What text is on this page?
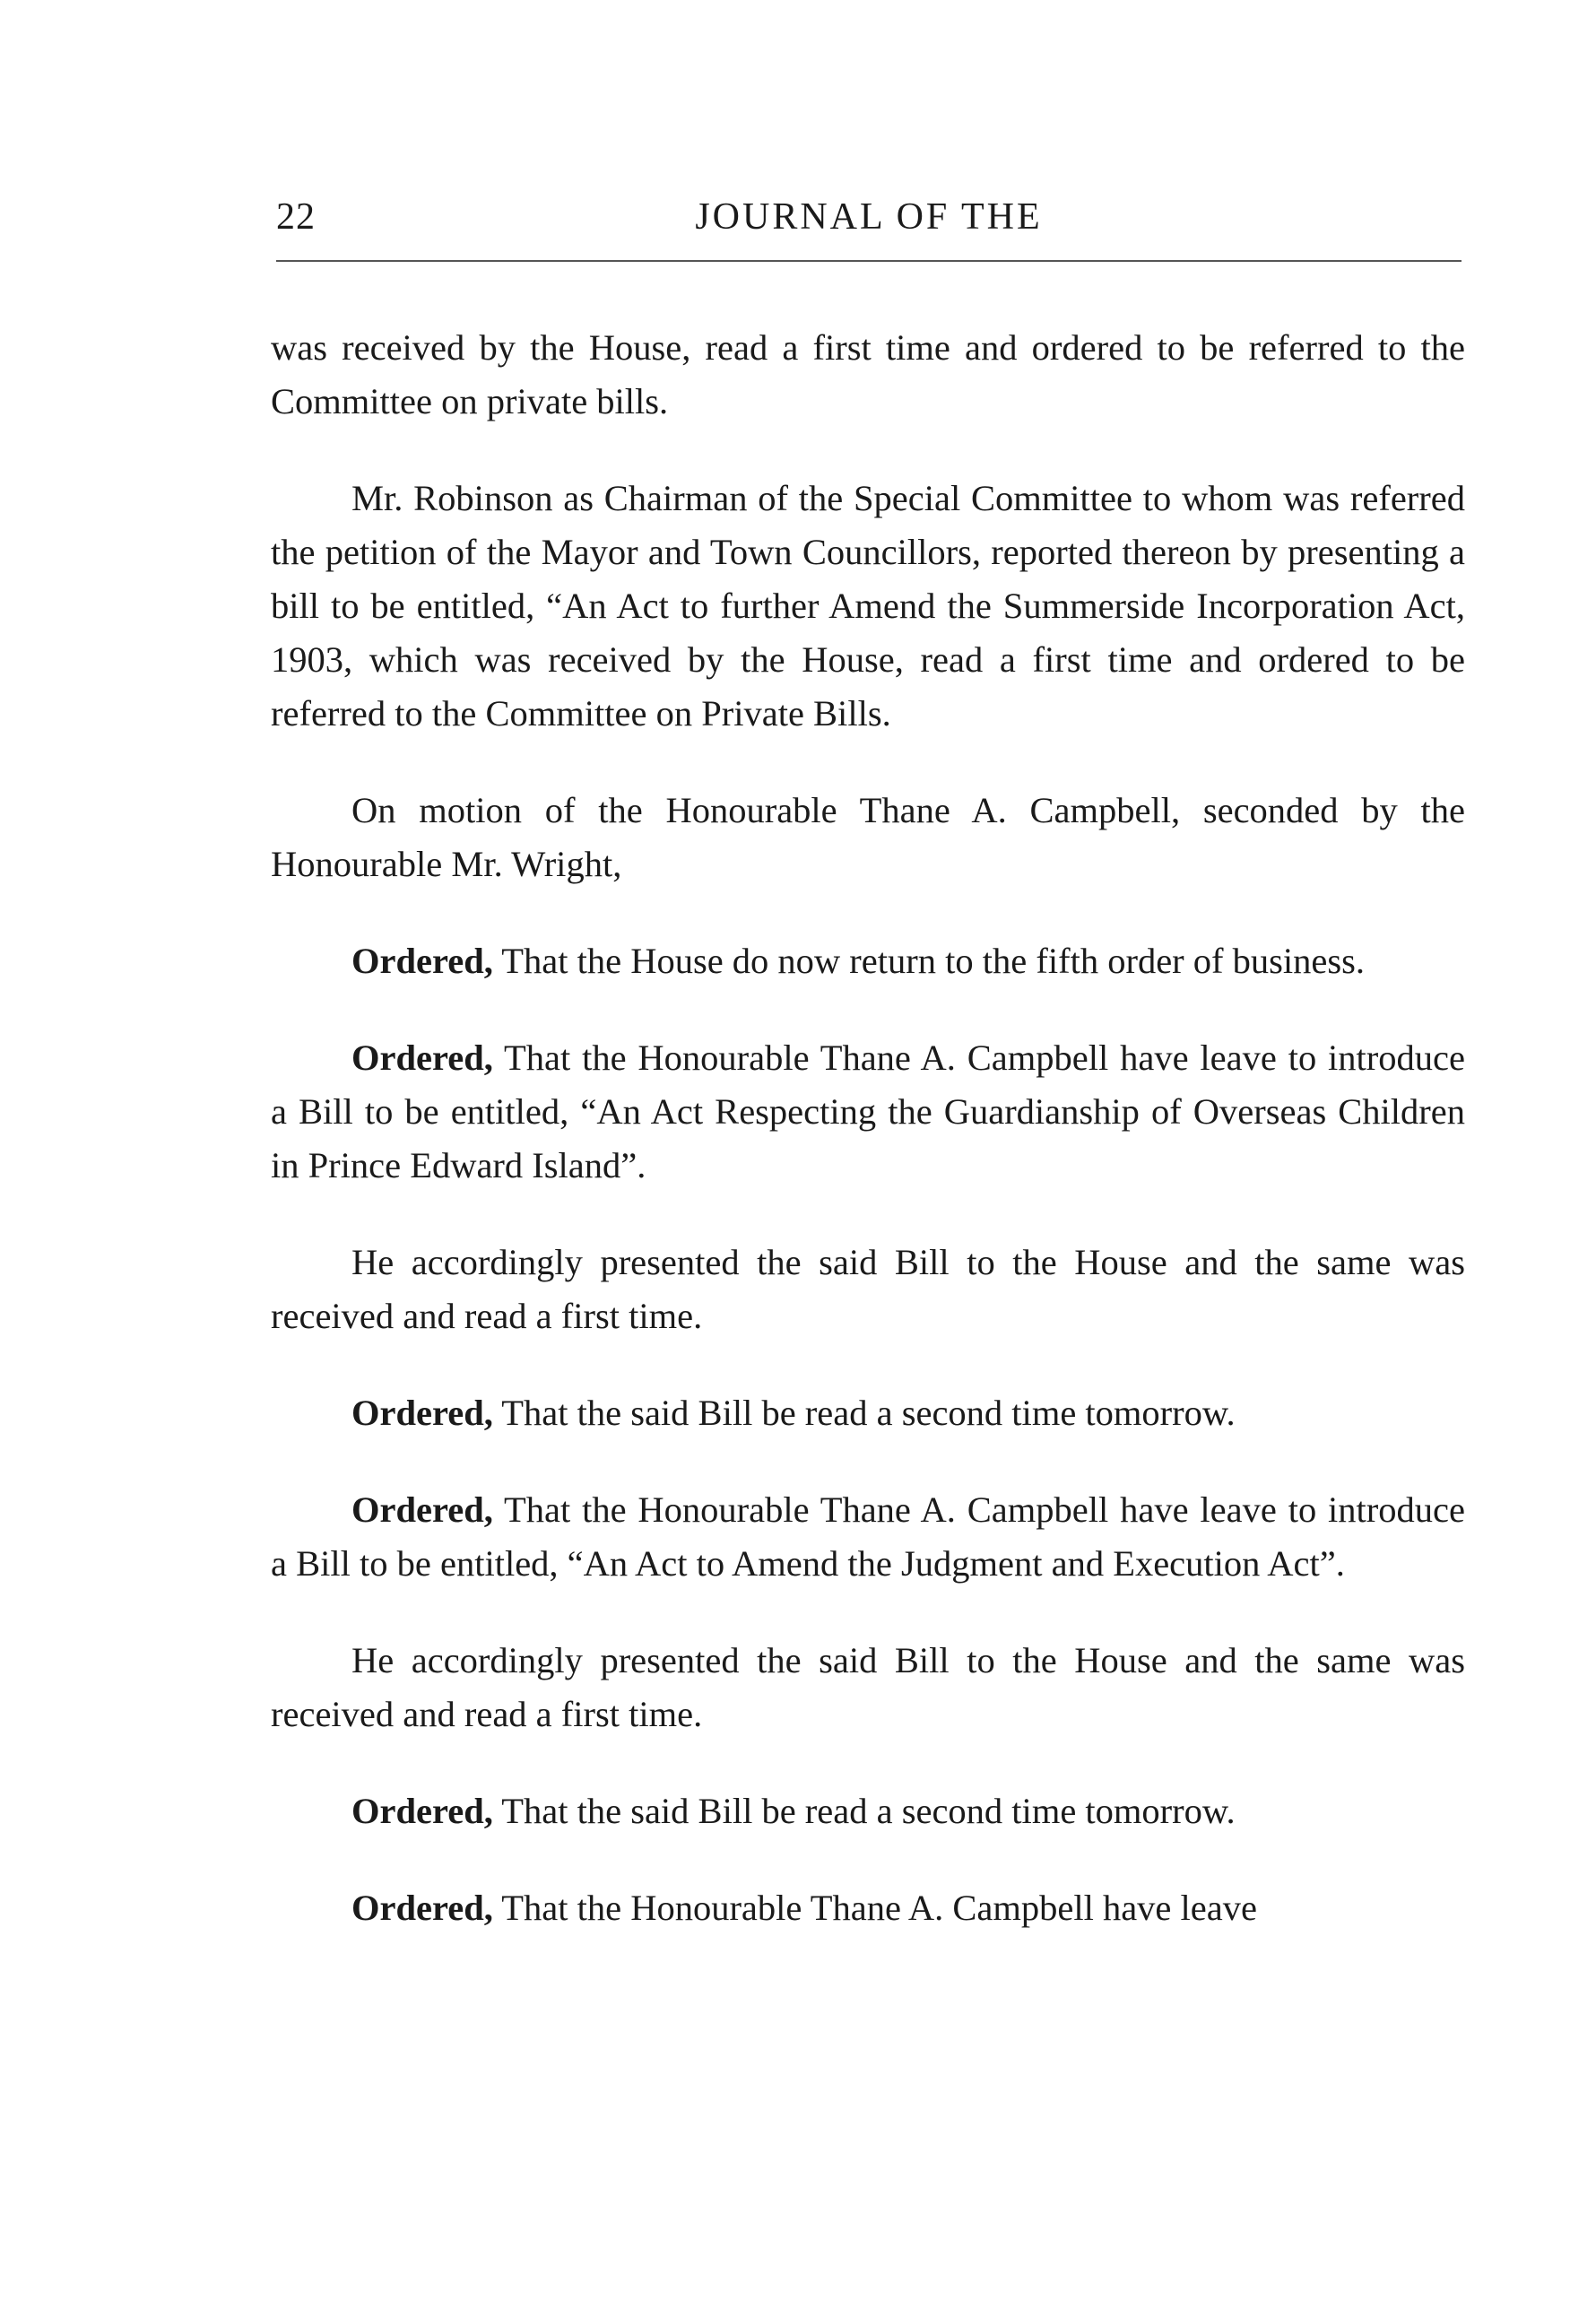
22	JOURNAL OF THE

was received by the House, read a first time and ordered to be referred to the Committee on private bills.

Mr. Robinson as Chairman of the Special Committee to whom was referred the petition of the Mayor and Town Councillors, reported thereon by presenting a bill to be entitled, “An Act to further Amend the Summerside Incorporation Act, 1903, which was received by the House, read a first time and ordered to be referred to the Committee on Private Bills.

On motion of the Honourable Thane A. Campbell, seconded by the Honourable Mr. Wright,

Ordered, That the House do now return to the fifth order of business.

Ordered, That the Honourable Thane A. Campbell have leave to introduce a Bill to be entitled, “An Act Respecting the Guardianship of Overseas Children in Prince Edward Island”.

He accordingly presented the said Bill to the House and the same was received and read a first time.

Ordered, That the said Bill be read a second time tomorrow.

Ordered, That the Honourable Thane A. Campbell have leave to introduce a Bill to be entitled, “An Act to Amend the Judgment and Execution Act”.

He accordingly presented the said Bill to the House and the same was received and read a first time.

Ordered, That the said Bill be read a second time tomorrow.

Ordered, That the Honourable Thane A. Campbell have leave
